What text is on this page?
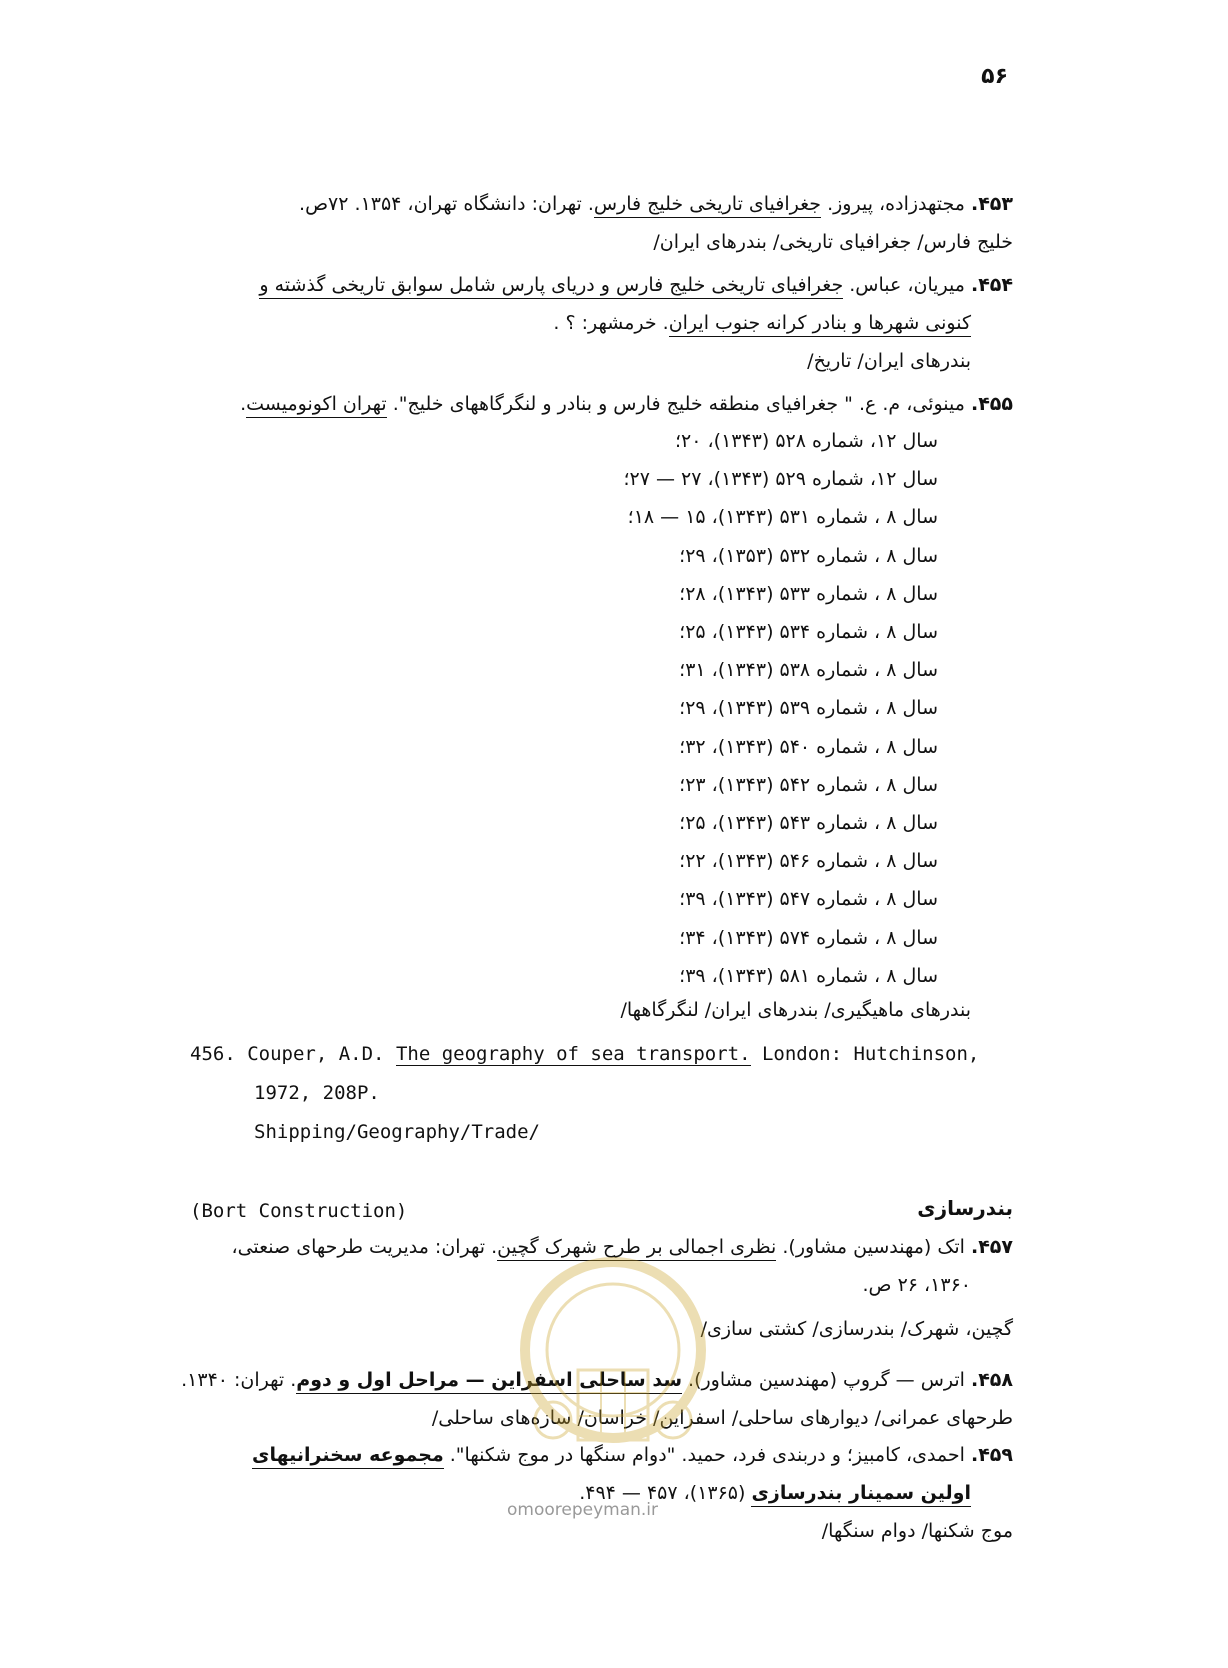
۵۶
۴۵۳. مجتهدزاده، پیروز. جغرافیای تاریخی خلیج فارس. تهران: دانشگاه تهران، ۱۳۵۴. ۷۲ص.
خلیج فارس/ جغرافیای تاریخی/ بندرهای ایران/
۴۵۴. میریان، عباس. جغرافیای تاریخی خلیج فارس و دریای پارس شامل سوابق تاریخی گذشته و
کنونی شهرها و بنادر کرانه جنوب ایران. خرمشهر: ؟ .
بندرهای ایران/ تاریخ/
۴۵۵. مینوئی، م. ع. " جغرافیای منطقه خلیج فارس و بنادر و لنگرگاههای خلیج". تهران اکونومیست.
سال ۱۲، شماره ۵۲۸ (۱۳۴۳)، ۲۰؛
سال ۱۲، شماره ۵۲۹ (۱۳۴۳)، ۲۷ — ۲۷؛
سال ۸ ، شماره ۵۳۱ (۱۳۴۳)، ۱۵ — ۱۸؛
سال ۸ ، شماره ۵۳۲ (۱۳۵۳)، ۲۹؛
سال ۸ ، شماره ۵۳۳ (۱۳۴۳)، ۲۸؛
سال ۸ ، شماره ۵۳۴ (۱۳۴۳)، ۲۵؛
سال ۸ ، شماره ۵۳۸ (۱۳۴۳)، ۳۱؛
سال ۸ ، شماره ۵۳۹ (۱۳۴۳)، ۲۹؛
سال ۸ ، شماره ۵۴۰ (۱۳۴۳)، ۳۲؛
سال ۸ ، شماره ۵۴۲ (۱۳۴۳)، ۲۳؛
سال ۸ ، شماره ۵۴۳ (۱۳۴۳)، ۲۵؛
سال ۸ ، شماره ۵۴۶ (۱۳۴۳)، ۲۲؛
سال ۸ ، شماره ۵۴۷ (۱۳۴۳)، ۳۹؛
سال ۸ ، شماره ۵۷۴ (۱۳۴۳)، ۳۴؛
سال ۸ ، شماره ۵۸۱ (۱۳۴۳)، ۳۹؛
بندرهای ماهیگیری/ بندرهای ایران/ لنگرگاهها/
456. Couper, A.D. The geography of sea transport. London: Hutchinson,
1972, 208P.
Shipping/Geography/Trade/
بندرسازی
(Bort Construction)
۴۵۷. اتک (مهندسین مشاور). نظری اجمالی بر طرح شهرک گچین. تهران: مدیریت طرحهای صنعتی،
۱۳۶۰، ۲۶ ص.
گچین، شهرک/ بندرسازی/ کشتی سازی/
۴۵۸. اترس — گروپ (مهندسین مشاور). سد ساحلی اسفراین — مراحل اول و دوم. تهران: ۱۳۴۰.
طرحهای عمرانی/ دیوارهای ساحلی/ اسفراین/ خراسان/ سازه‌های ساحلی/
۴۵۹. احمدی، کامبیز؛ و دربندی فرد، حمید. "دوام سنگها در موج شکنها". مجموعه سخنرانیهای
اولین سمینار بندرسازی (۱۳۶۵)، ۴۵۷ — ۴۹۴.
موج شکنها/ دوام سنگها/
omoorepeyman.ir
